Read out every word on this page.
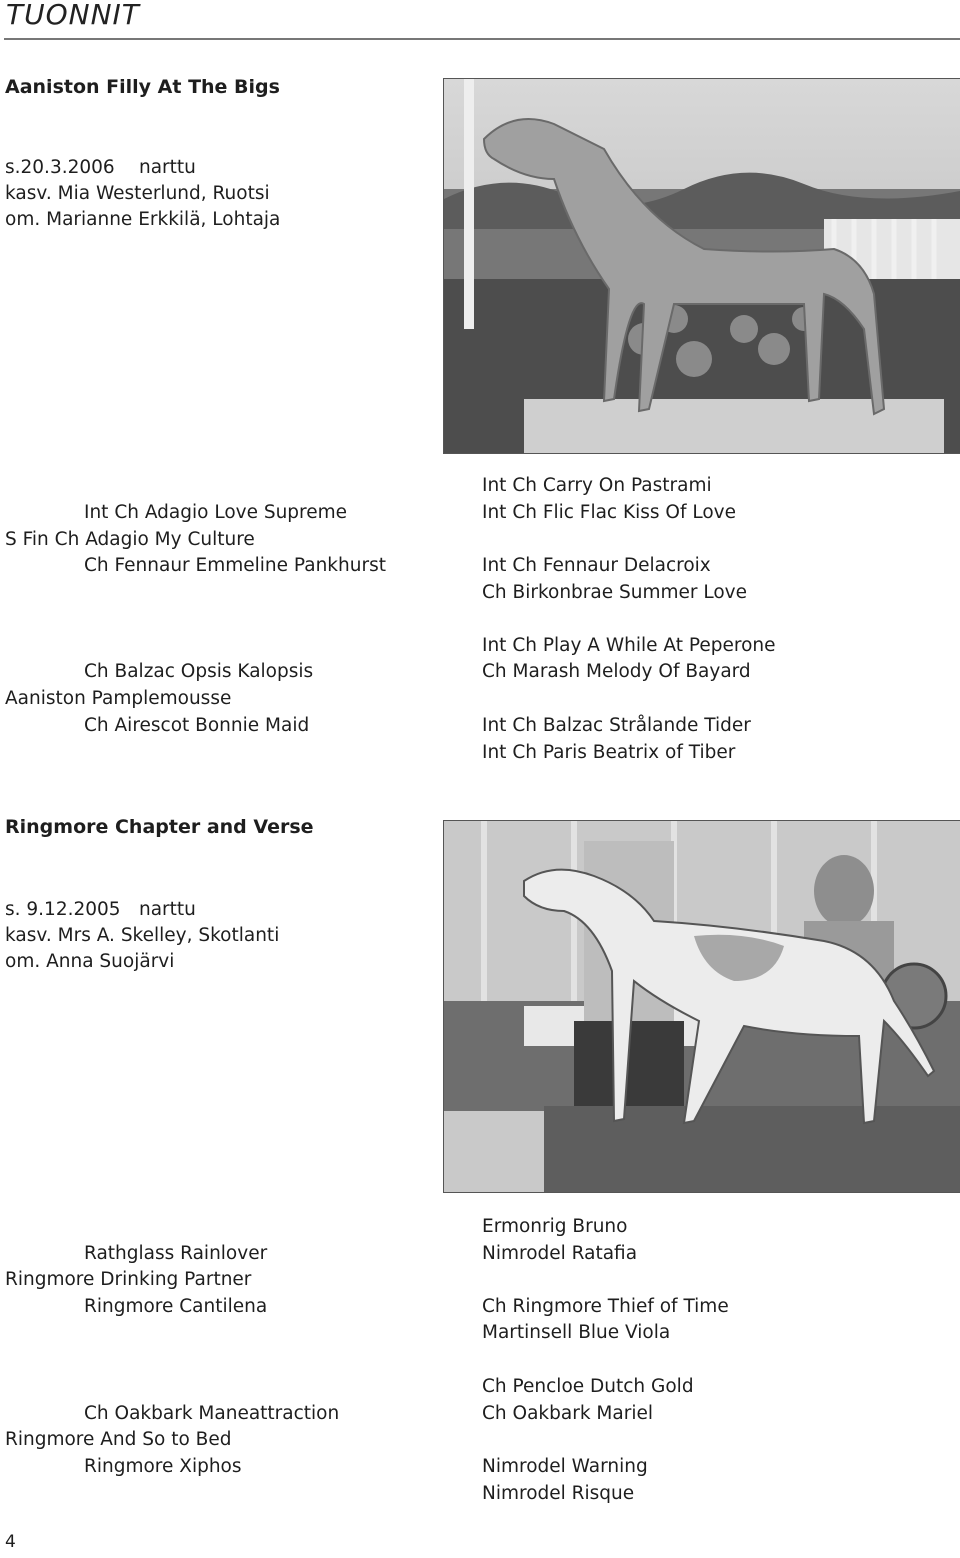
TUONNIT
Aaniston Filly At The Bigs
s.20.3.2006 narttu
kasv. Mia Westerlund, Ruotsi
om. Marianne Erkkilä, Lohtaja
Int Ch Adagio Love Supreme
S Fin Ch Adagio My Culture
Ch Fennaur Emmeline Pankhurst
Ch Balzac Opsis Kalopsis
Aaniston Pamplemousse
Ch Airescot Bonnie Maid
Int Ch Carry On Pastrami
Int Ch Flic Flac Kiss Of Love
Int Ch Fennaur Delacroix
Ch Birkonbrae Summer Love
Int Ch Play A While At Peperone
Ch Marash Melody Of Bayard
Int Ch Balzac Strålande Tider
Int Ch Paris Beatrix of Tiber
Ringmore Chapter and Verse
s. 9.12.2005 narttu
kasv. Mrs A. Skelley, Skotlanti
om. Anna Suojärvi
Rathglass Rainlover
Ringmore Drinking Partner
Ringmore Cantilena
Ch Oakbark Maneattraction
Ringmore And So to Bed
Ringmore Xiphos
Ermonrig Bruno
Nimrodel Ratafia
Ch Ringmore Thief of Time
Martinsell Blue Viola
Ch Pencloe Dutch Gold
Ch Oakbark Mariel
Nimrodel Warning
Nimrodel Risque
4
